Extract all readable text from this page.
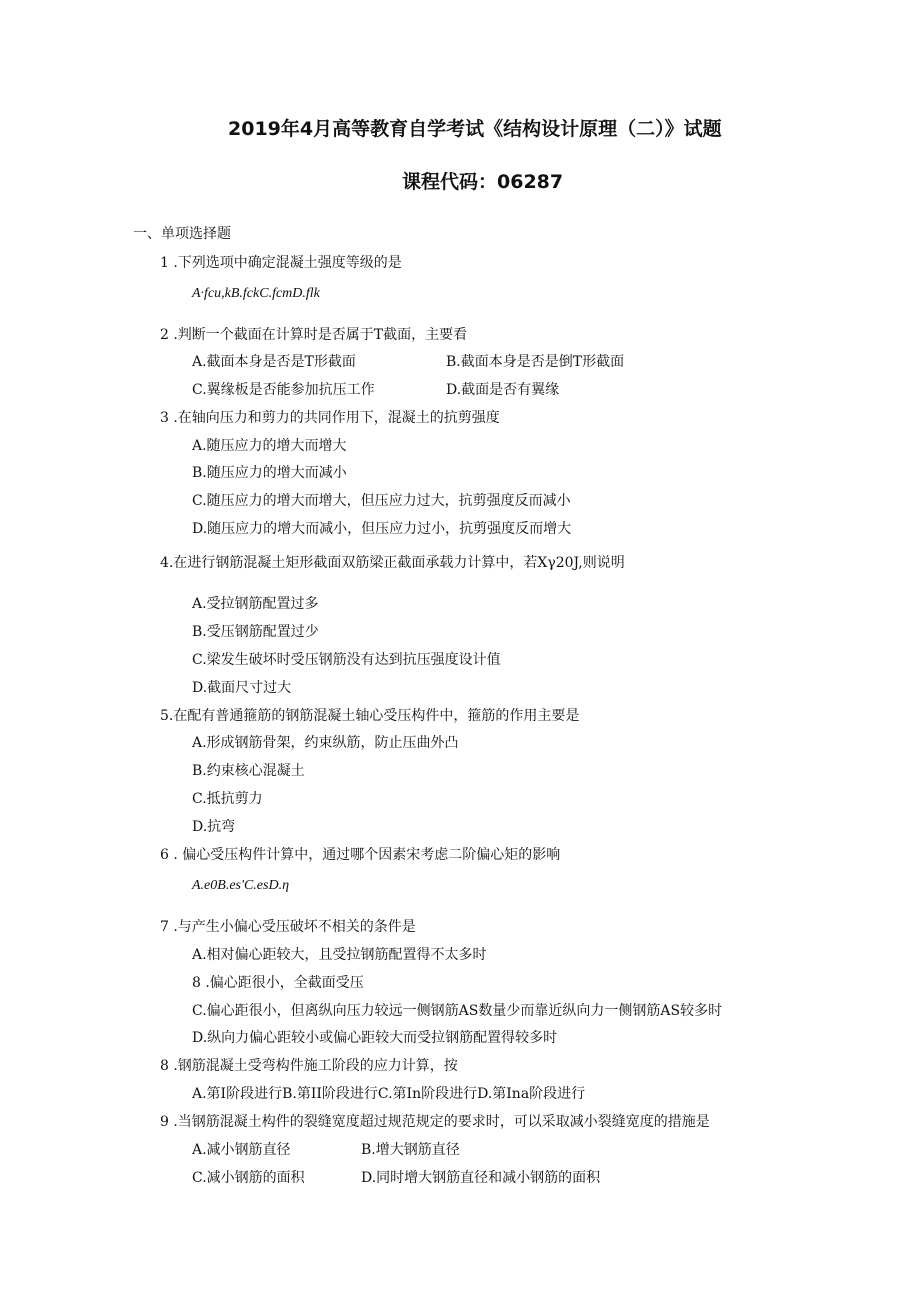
2019年4月高等教育自学考试《结构设计原理（二）》试题
课程代码：06287
一、单项选择题
1 .下列选项中确定混凝土强度等级的是
A·fcu,kB.fckC.fcmD.flk
2 .判断一个截面在计算时是否属于T截面，主要看
A.截面本身是否是T形截面	B.截面本身是否是倒T形截面
C.翼缘板是否能参加抗压工作	D.截面是否有翼缘
3 .在轴向压力和剪力的共同作用下，混凝土的抗剪强度
A.随压应力的增大而增大
B.随压应力的增大而减小
C.随压应力的增大而增大，但压应力过大，抗剪强度反而减小
D.随压应力的增大而减小，但压应力过小，抗剪强度反而增大
4.在进行钢筋混凝土矩形截面双筋梁正截面承载力计算中，若Xγ20J,则说明
A.受拉钢筋配置过多
B.受压钢筋配置过少
C.梁发生破坏时受压钢筋没有达到抗压强度设计值
D.截面尺寸过大
5.在配有普通箍筋的钢筋混凝土轴心受压构件中，箍筋的作用主要是
A.形成钢筋骨架，约束纵筋，防止压曲外凸
B.约束核心混凝土
C.抵抗剪力
D.抗弯
6 . 偏心受压构件计算中，通过哪个因素宋考虑二阶偏心矩的影响
A.e0B.es'C.esD.η
7 .与产生小偏心受压破坏不相关的条件是
A.相对偏心距较大，且受拉钢筋配置得不太多时
8 .偏心距很小，全截面受压
C.偏心距很小，但离纵向压力较远一侧钢筋AS数量少而靠近纵向力一侧钢筋AS较多时
D.纵向力偏心距较小或偏心距较大而受拉钢筋配置得较多时
8 .钢筋混凝土受弯构件施工阶段的应力计算，按
A.第I阶段进行B.第II阶段进行C.第In阶段进行D.第Ina阶段进行
9 .当钢筋混凝土构件的裂缝宽度超过规范规定的要求时，可以采取减小裂缝宽度的措施是
A.减小钢筋直径	B.增大钢筋直径
C.减小钢筋的面积	D.同时增大钢筋直径和减小钢筋的面积
